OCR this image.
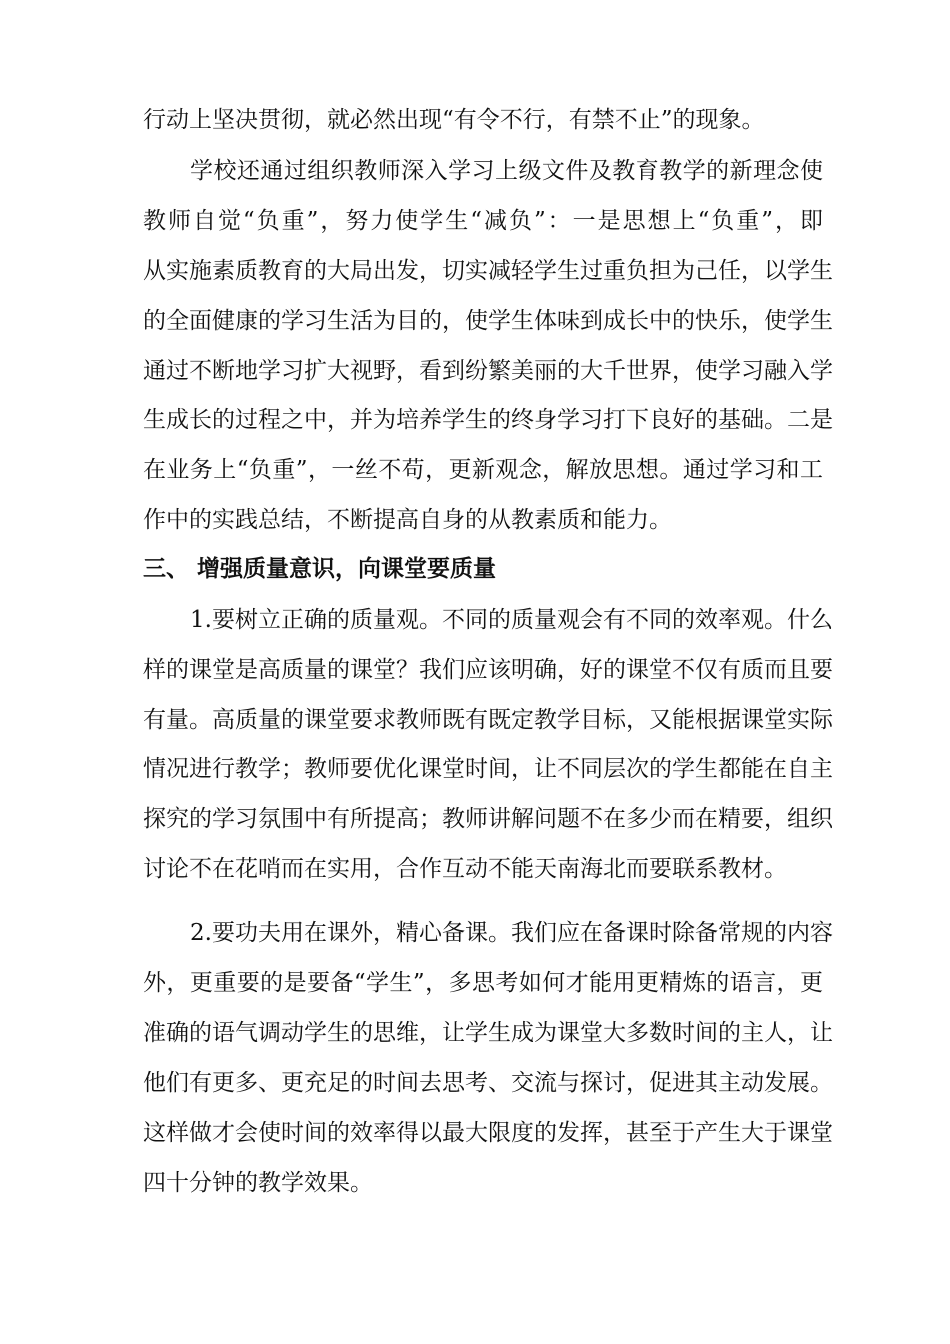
行动上坚决贯彻，就必然出现“有令不行，有禁不止”的现象。
学校还通过组织教师深入学习上级文件及教育教学的新理念使
教师自觉“负重”，努力使学生“减负”：一是思想上“负重”，即
从实施素质教育的大局出发，切实减轻学生过重负担为己任，以学生
的全面健康的学习生活为目的，使学生体味到成长中的快乐，使学生
通过不断地学习扩大视野，看到纷繁美丽的大千世界，使学习融入学
生成长的过程之中，并为培养学生的终身学习打下良好的基础。二是
在业务上“负重”，一丝不苟，更新观念，解放思想。通过学习和工
作中的实践总结，不断提高自身的从教素质和能力。
三、 增强质量意识，向课堂要质量
1.要树立正确的质量观。不同的质量观会有不同的效率观。什么
样的课堂是高质量的课堂？我们应该明确，好的课堂不仅有质而且要
有量。高质量的课堂要求教师既有既定教学目标，又能根据课堂实际
情况进行教学；教师要优化课堂时间，让不同层次的学生都能在自主
探究的学习氛围中有所提高；教师讲解问题不在多少而在精要，组织
讨论不在花哨而在实用，合作互动不能天南海北而要联系教材。
2.要功夫用在课外，精心备课。我们应在备课时除备常规的内容
外，更重要的是要备“学生”，多思考如何才能用更精炼的语言，更
准确的语气调动学生的思维，让学生成为课堂大多数时间的主人，让
他们有更多、更充足的时间去思考、交流与探讨，促进其主动发展。
这样做才会使时间的效率得以最大限度的发挥，甚至于产生大于课堂
四十分钟的教学效果。
